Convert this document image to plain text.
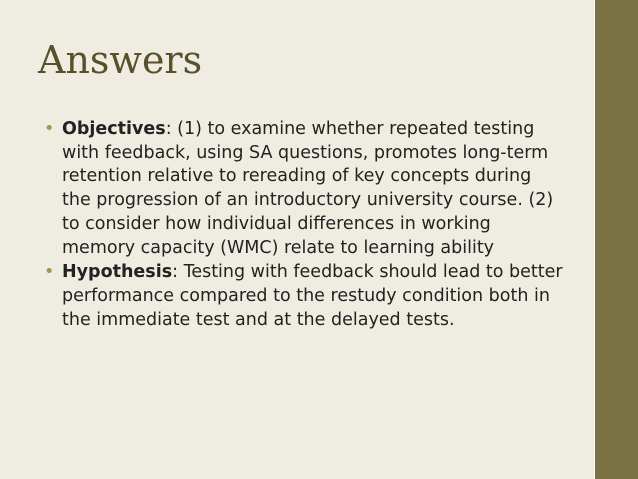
Answers
• Objectives: (1) to examine whether repeated testing with feedback, using SA questions, promotes long-term retention relative to rereading of key concepts during the progression of an introductory university course. (2) to consider how individual differences in working memory capacity (WMC) relate to learning ability
• Hypothesis: Testing with feedback should lead to better performance compared to the restudy condition both in the immediate test and at the delayed tests.
